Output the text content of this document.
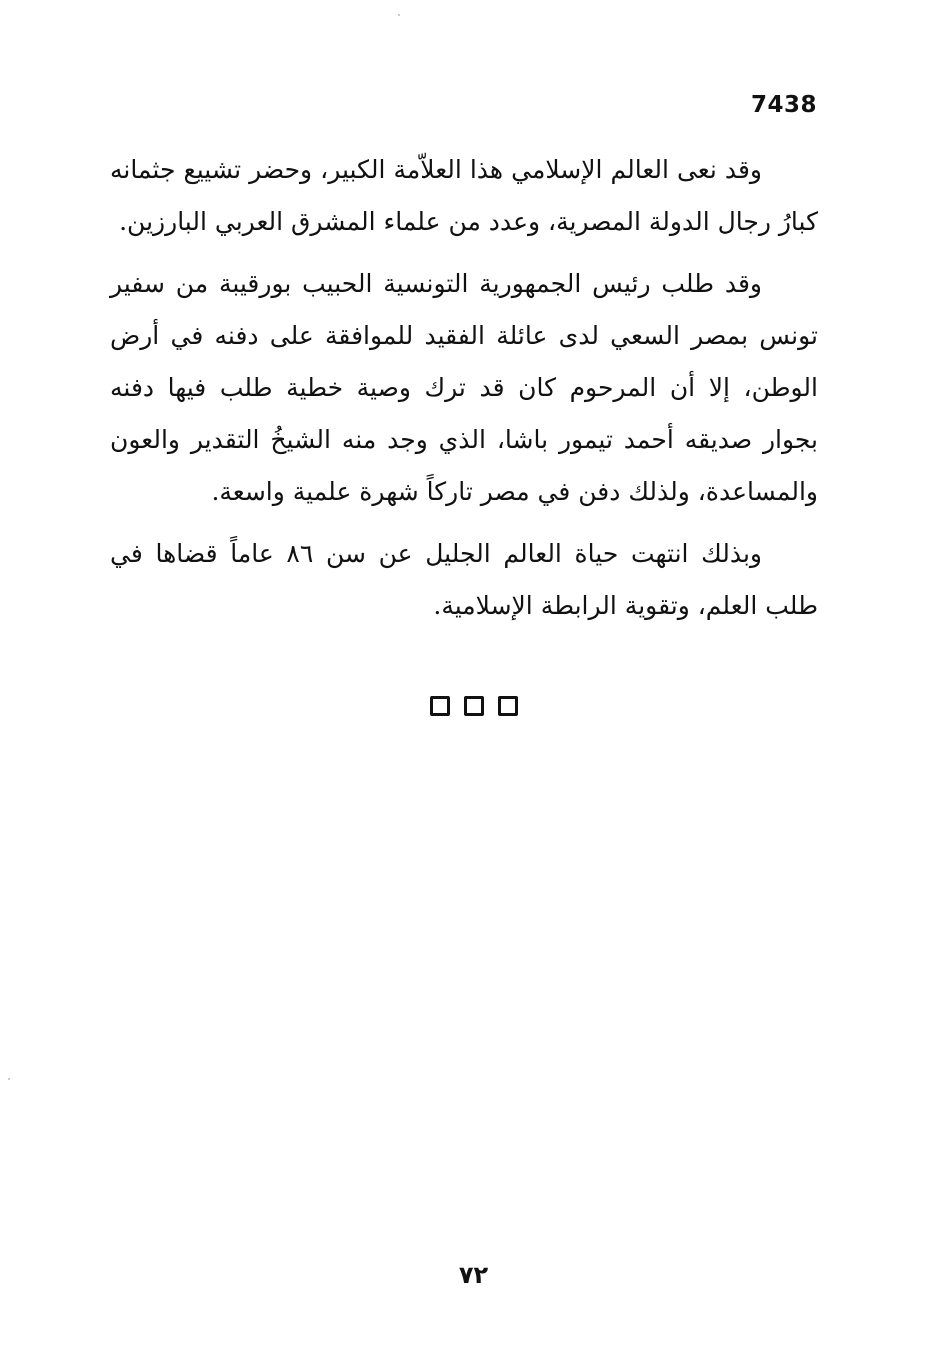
7438

وقد نعى العالم الإسلامي هذا العلاّمة الكبير، وحضر تشييع جثمانه كبارُ رجال الدولة المصرية، وعدد من علماء المشرق العربي البارزين.

وقد طلب رئيس الجمهورية التونسية الحبيب بورقيبة من سفير تونس بمصر السعي لدى عائلة الفقيد للموافقة على دفنه في أرض الوطن، إلا أن المرحوم كان قد ترك وصية خطية طلب فيها دفنه بجوار صديقه أحمد تيمور باشا، الذي وجد منه الشيخُ التقدير والعون والمساعدة، ولذلك دفن في مصر تاركاً شهرة علمية واسعة.

وبذلك انتهت حياة العالم الجليل عن سن ٨٦ عاماً قضاها في طلب العلم، وتقوية الرابطة الإسلامية.

٧٢
